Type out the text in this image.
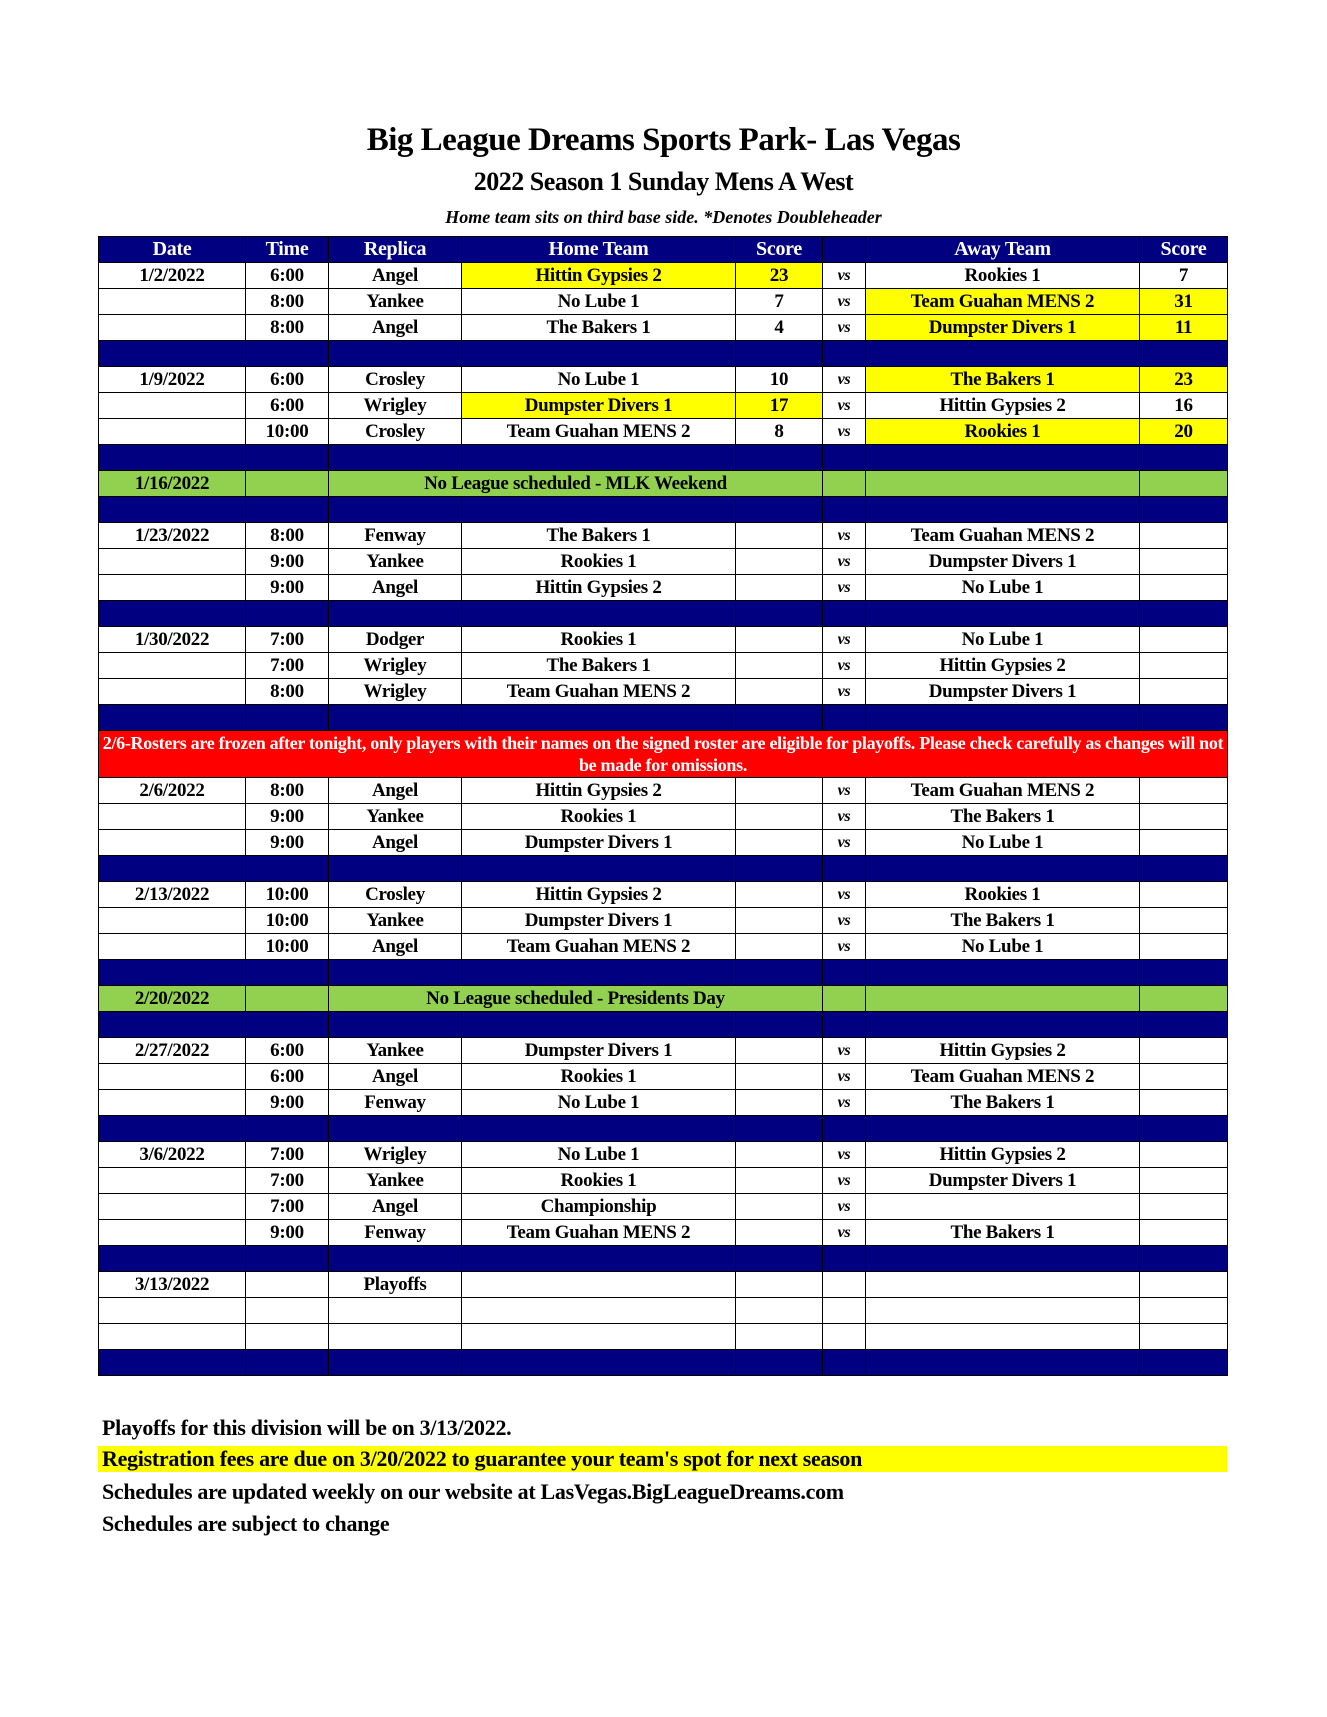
Big League Dreams Sports Park- Las Vegas
2022 Season 1 Sunday Mens A West
Home team sits on third base side. *Denotes Doubleheader
Date	Time	Replica	Home Team	Score		Away Team	Score
1/2/2022	6:00	Angel	Hittin Gypsies 2	23	vs	Rookies 1	7
	8:00	Yankee	No Lube 1	7	vs	Team Guahan MENS 2	31
	8:00	Angel	The Bakers 1	4	vs	Dumpster Divers 1	11

1/9/2022	6:00	Crosley	No Lube 1	10	vs	The Bakers 1	23
	6:00	Wrigley	Dumpster Divers 1	17	vs	Hittin Gypsies 2	16
	10:00	Crosley	Team Guahan MENS 2	8	vs	Rookies 1	20

1/16/2022		No League scheduled - MLK Weekend					

1/23/2022	8:00	Fenway	The Bakers 1		vs	Team Guahan MENS 2	
	9:00	Yankee	Rookies 1		vs	Dumpster Divers 1	
	9:00	Angel	Hittin Gypsies 2		vs	No Lube 1	

1/30/2022	7:00	Dodger	Rookies 1		vs	No Lube 1	
	7:00	Wrigley	The Bakers 1		vs	Hittin Gypsies 2	
	8:00	Wrigley	Team Guahan MENS 2		vs	Dumpster Divers 1	

2/6-Rosters are frozen after tonight, only players with their names on the signed roster are eligible for playoffs. Please check carefully as changes will not be made for omissions.							
2/6/2022	8:00	Angel	Hittin Gypsies 2		vs	Team Guahan MENS 2	
	9:00	Yankee	Rookies 1		vs	The Bakers 1	
	9:00	Angel	Dumpster Divers 1		vs	No Lube 1	

2/13/2022	10:00	Crosley	Hittin Gypsies 2		vs	Rookies 1	
	10:00	Yankee	Dumpster Divers 1		vs	The Bakers 1	
	10:00	Angel	Team Guahan MENS 2		vs	No Lube 1	

2/20/2022		No League scheduled - Presidents Day					

2/27/2022	6:00	Yankee	Dumpster Divers 1		vs	Hittin Gypsies 2	
	6:00	Angel	Rookies 1		vs	Team Guahan MENS 2	
	9:00	Fenway	No Lube 1		vs	The Bakers 1	

3/6/2022	7:00	Wrigley	No Lube 1		vs	Hittin Gypsies 2	
	7:00	Yankee	Rookies 1		vs	Dumpster Divers 1	
	7:00	Angel	Championship		vs		
	9:00	Fenway	Team Guahan MENS 2		vs	The Bakers 1	

3/13/2022		Playoffs					

Playoffs for this division will be on 3/13/2022.
Registration fees are due on 3/20/2022 to guarantee your team's spot for next season
Schedules are updated weekly on our website at LasVegas.BigLeagueDreams.com
Schedules are subject to change
